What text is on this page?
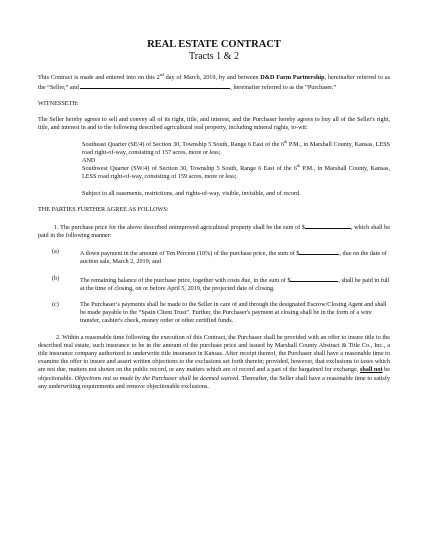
REAL ESTATE CONTRACT
Tracts 1 & 2

This Contract is made and entered into on this 2nd day of March, 2019, by and between D&D Farm Partnership, hereinafter referred to as the “Seller,” and	, hereinafter referred to as the “Purchaser.”

WITNESSETH:

The Seller hereby agrees to sell and convey all of its right, title, and interest, and the Purchaser hereby agrees to buy all of the Seller's right, title, and interest in and to the following described agricultural real property, including mineral rights, to-wit:

Southeast Quarter (SE/4) of Section 30, Township 5 South, Range 6 East of the 6th P.M., in Marshall County, Kansas, LESS road right-of-way, consisting of 157 acres, more or less;
AND
Southwest Quarter (SW/4) of Section 30, Township 5 South, Range 6 East of the 6th P.M., in Marshall County, Kansas, LESS road right-of-way, consisting of 159 acres, more or less;

Subject to all easements, restrictions, and rights-of-way, visible, invisible, and of record.

THE PARTIES FURTHER AGREE AS FOLLOWS:

1. The purchase price for the above described unimproved agricultural property shall be the sum of $	, which shall be paid in the following manner:

(a)	A down payment in the amount of Ten Percent (10%) of the purchase price, the sum of $	, due on the date of auction sale, March 2, 2019; and
(b)	The remaining balance of the purchase price, together with costs due, in the sum of $	, shall be paid in full at the time of closing, on or before April 5, 2019, the projected date of closing.
(c)	The Purchaser’s payments shall be made to the Seller in care of and through the designated Escrow/Closing Agent and shall be made payable to the “Spain Client Trust”. Further, the Purchaser's payment at closing shall be in the form of a wire transfer, cashier's check, money order or other certified funds.

2. Within a reasonable time following the execution of this Contract, the Purchaser shall be provided with an offer to insure title to the described real estate, such insurance to be in the amount of the purchase price and issued by Marshall County Abstract & Title Co., Inc., a title insurance company authorized to underwrite title insurance in Kansas. After receipt thereof, the Purchaser shall have a reasonable time to examine the offer to insure and assert written objections to the exclusions set forth therein; provided, however, that exclusions to taxes which are not due, matters not shown on the public record, or any matters which are of record and a part of the bargained for exchange, shall not be objectionable. Objections not so made by the Purchaser shall be deemed waived. Thereafter, the Seller shall have a reasonable time to satisfy any underwriting requirements and remove objectionable exclusions.
